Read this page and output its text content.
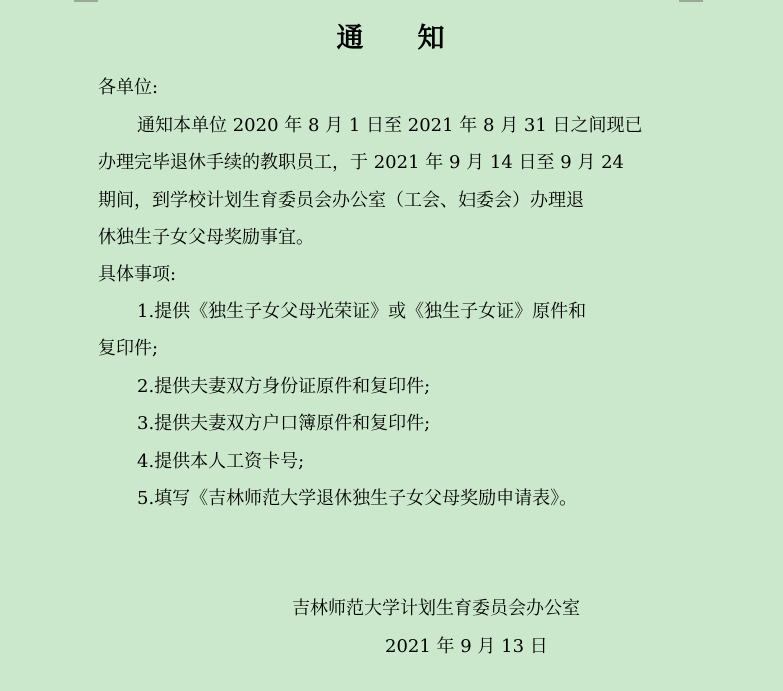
通 知
各单位:
通知本单位 2020 年 8 月 1 日至 2021 年 8 月 31 日之间现已
办理完毕退休手续的教职员工，于 2021 年 9 月 14 日至 9 月 24
期间，到学校计划生育委员会办公室（工会、妇委会）办理退
休独生子女父母奖励事宜。
具体事项:
1.提供《独生子女父母光荣证》或《独生子女证》原件和
复印件;
2.提供夫妻双方身份证原件和复印件;
3.提供夫妻双方户口簿原件和复印件;
4.提供本人工资卡号;
5.填写《吉林师范大学退休独生子女父母奖励申请表》。
吉林师范大学计划生育委员会办公室
2021 年 9 月 13 日
